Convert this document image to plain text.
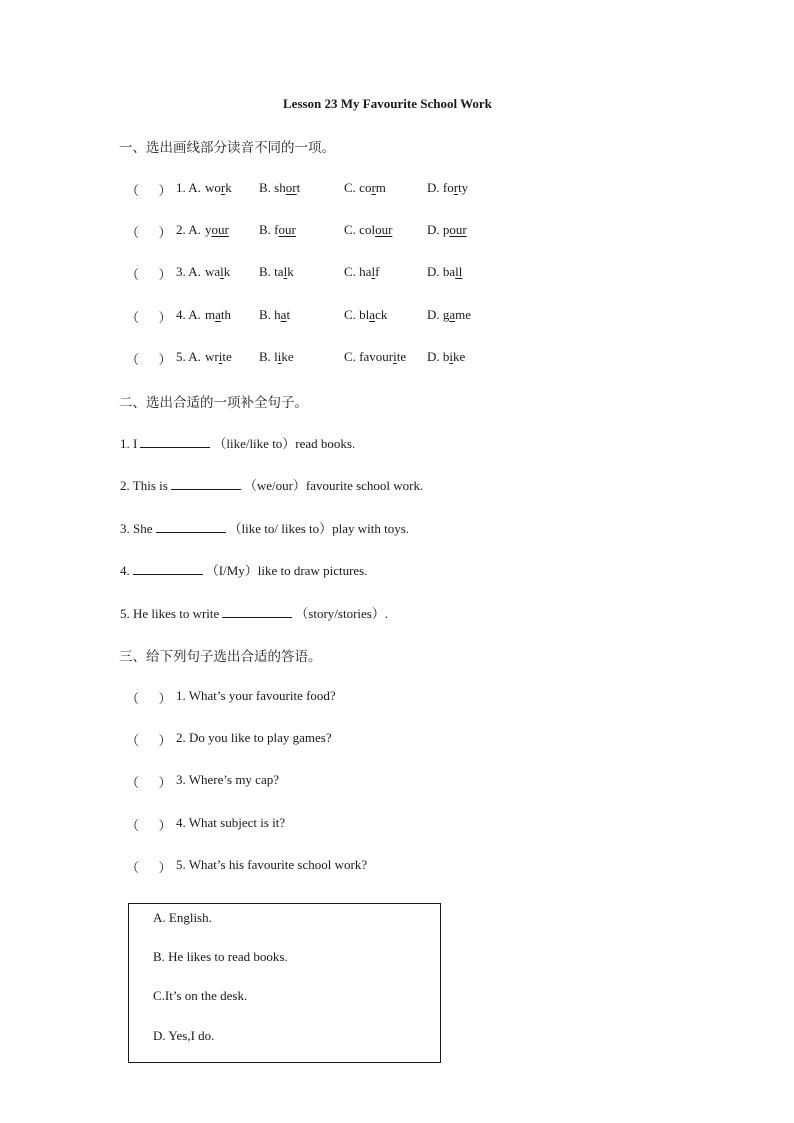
Lesson 23 My Favourite School Work
一、选出画线部分读音不同的一项。
（      ） 1. A. work B. short	C. corm	D. forty
（      ） 2. A. your B. four	C. colour	D. pour
（      ） 3. A. walk B. talk	C. half	D. ball
（      ） 4. A. math B. hat	C. black	D. game
（      ） 5. A. write B. like	C. favourite D. bike
二、选出合适的一项补全句子。
1. I	（like/like to）read books.
2. This is	（we/our）favourite school work.
3. She	（like to/ likes to）play with toys.
4.	（I/My）like to draw pictures.
5. He likes to write	（story/stories）.
三、给下列句子选出合适的答语。
（      ） 1. What’s your favourite food?
（      ） 2. Do you like to play games?
（      ） 3. Where’s my cap?
（      ） 4. What subject is it?
（      ） 5. What’s his favourite school work?
A. English.
B. He likes to read books.
C.It’s on the desk.
D. Yes,I do.
